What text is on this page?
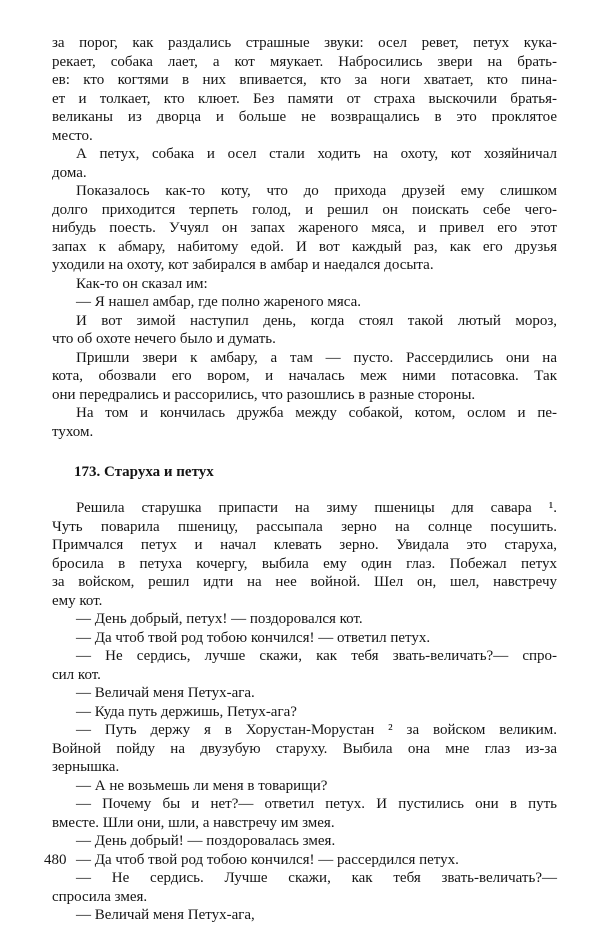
за порог, как раздались страшные звуки: осел ревет, петух кука-
рекает, собака лает, а кот мяукает. Набросились звери на брать-
ев: кто когтями в них впивается, кто за ноги хватает, кто пина-
ет и толкает, кто клюет. Без памяти от страха выскочили братья-
великаны из дворца и больше не возвращались в это проклятое
место.
А петух, собака и осел стали ходить на охоту, кот хозяйничал
дома.
Показалось как-то коту, что до прихода друзей ему слишком
долго приходится терпеть голод, и решил он поискать себе чего-
нибудь поесть. Учуял он запах жареного мяса, и привел его этот
запах к абмару, набитому едой. И вот каждый раз, как его друзья
уходили на охоту, кот забирался в амбар и наедался досыта.
Как-то он сказал им:
— Я нашел амбар, где полно жареного мяса.
И вот зимой наступил день, когда стоял такой лютый мороз,
что об охоте нечего было и думать.
Пришли звери к амбару, а там — пусто. Рассердились они на
кота, обозвали его вором, и началась меж ними потасовка. Так
они передрались и рассорились, что разошлись в разные стороны.
На том и кончилась дружба между собакой, котом, ослом и пе-
тухом.
173. Старуха и петух
Решила старушка припасти на зиму пшеницы для савара ¹.
Чуть поварила пшеницу, рассыпала зерно на солнце посушить.
Примчался петух и начал клевать зерно. Увидала это старуха,
бросила в петуха кочергу, выбила ему один глаз. Побежал петух
за войском, решил идти на нее войной. Шел он, шел, навстречу
ему кот.
— День добрый, петух! — поздоровался кот.
— Да чтоб твой род тобою кончился! — ответил петух.
— Не сердись, лучше скажи, как тебя звать-величать?— спро-
сил кот.
— Величай меня Петух-ага.
— Куда путь держишь, Петух-ага?
— Путь держу я в Хорустан-Морустан ² за войском великим.
Войной пойду на двузубую старуху. Выбила она мне глаз из-за
зернышка.
— А не возьмешь ли меня в товарищи?
— Почему бы и нет?— ответил петух. И пустились они в путь
вместе. Шли они, шли, а навстречу им змея.
— День добрый! — поздоровалась змея.
— Да чтоб твой род тобою кончился! — рассердился петух.
— Не сердись. Лучше скажи, как тебя звать-величать?—
спросила змея.
— Величай меня Петух-ага,
480
